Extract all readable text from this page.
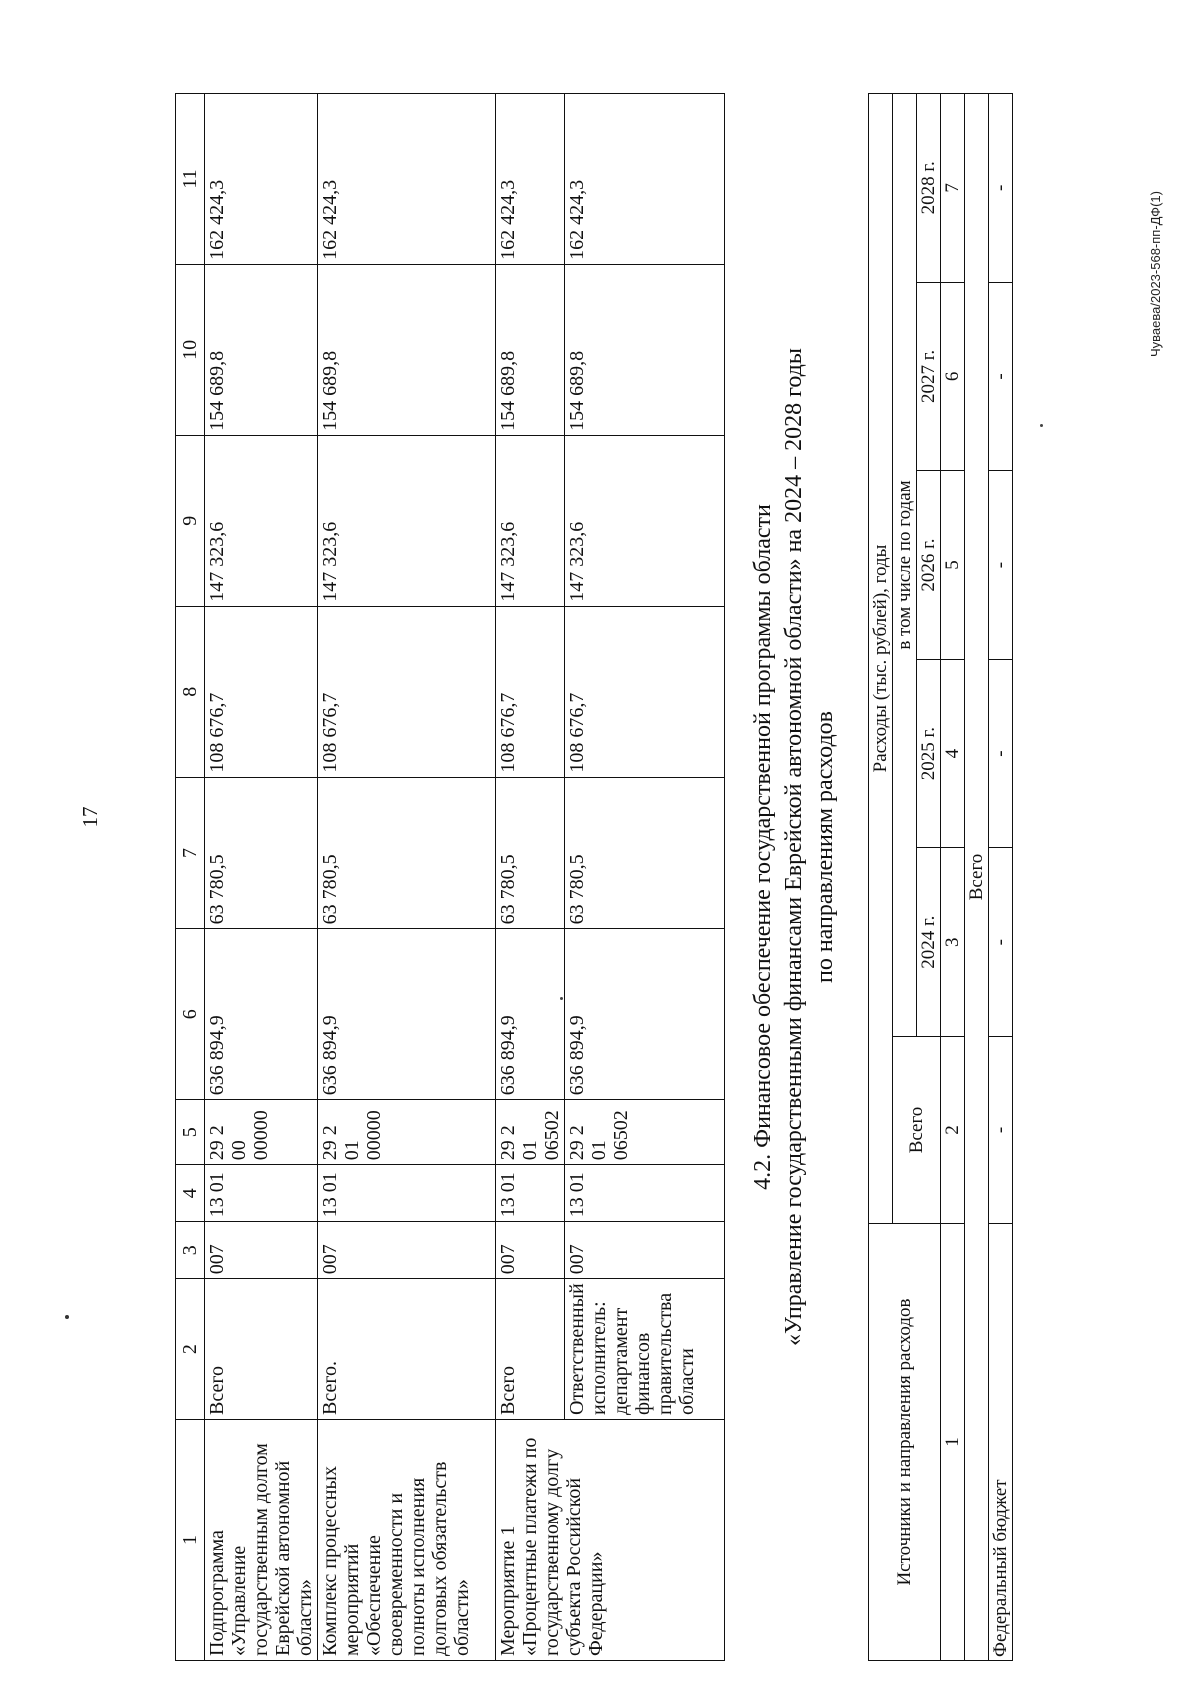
17
1	2	3	4	5	6	7	8	9	10	11
Подпрограмма «Управление государственным долгом Еврейской автономной области»	Всего	007	13 01	29 2 00 00000	636 894,9	63 780,5	108 676,7	147 323,6	154 689,8	162 424,3
Комплекс процессных мероприятий «Обеспечение своевременности и полноты исполнения долговых обязательств области»	Всего.	007	13 01	29 2 01 00000	636 894,9	63 780,5	108 676,7	147 323,6	154 689,8	162 424,3
Мероприятие 1 «Процентные платежи по государственному долгу субъекта Российской Федерации»	Всего	007	13 01	29 2 01 06502	636 894,9	63 780,5	108 676,7	147 323,6	154 689,8	162 424,3
	Ответственный исполнитель: департамент финансов правительства области	007	13 01	29 2 01 06502	636 894,9	63 780,5	108 676,7	147 323,6	154 689,8	162 424,3
4.2. Финансовое обеспечение государственной программы области «Управление государственными финансами Еврейской автономной области» на 2024 – 2028 годы по направлениям расходов
Источники и направления расходов	Расходы (тыс. рублей), годы					
	Всего	в том числе по годам				
		2024 г.	2025 г.	2026 г.	2027 г.	2028 г.
1	2	3	4	5	6	7
Всего						
Федеральный бюджет	-	-	-	-	-	-
Чуваева/2023-568-пп-ДФ(1)
